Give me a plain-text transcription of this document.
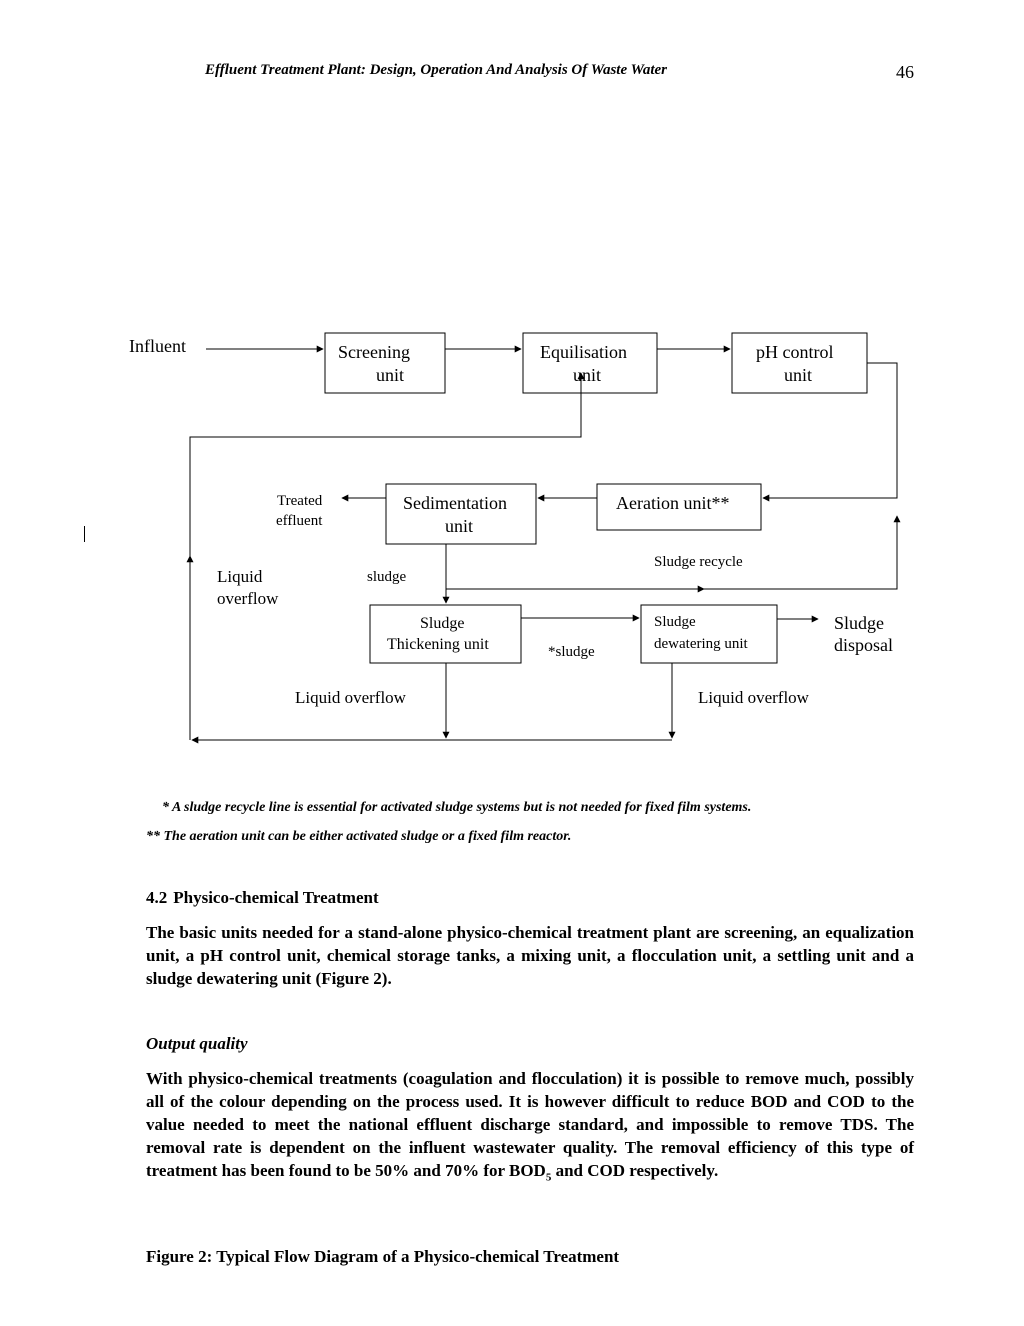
Effluent Treatment Plant: Design, Operation And Analysis Of Waste Water	46
Influent	Screening
unit
Equilisation
unit
pH control
unit
Sedimentation
unit
Aeration unit**
Treated
effluent
Liquid
overflow
sludge
Sludge recycle
Sludge
Thickening unit
Sludge
dewatering unit
*sludge
Sludge
disposal
Liquid overflow	Liquid overflow
* A sludge recycle line is essential for activated sludge systems but is not needed for fixed film systems.
** The aeration unit can be either activated sludge or a fixed film reactor.
4.2 Physico-chemical Treatment

The basic units needed for a stand-alone physico-chemical treatment plant are screening, an equalization unit, a pH control unit, chemical storage tanks, a mixing unit, a flocculation unit, a settling unit and a sludge dewatering unit (Figure 2).

Output quality

With physico-chemical treatments (coagulation and flocculation) it is possible to remove much, possibly all of the colour depending on the process used. It is however difficult to reduce BOD and COD to the value needed to meet the national effluent discharge standard, and impossible to remove TDS. The removal rate is dependent on the influent wastewater quality. The removal efficiency of this type of treatment has been found to be 50% and 70% for $BOD_5$ and COD respectively.

Figure 2: Typical Flow Diagram of a Physico-chemical Treatment
